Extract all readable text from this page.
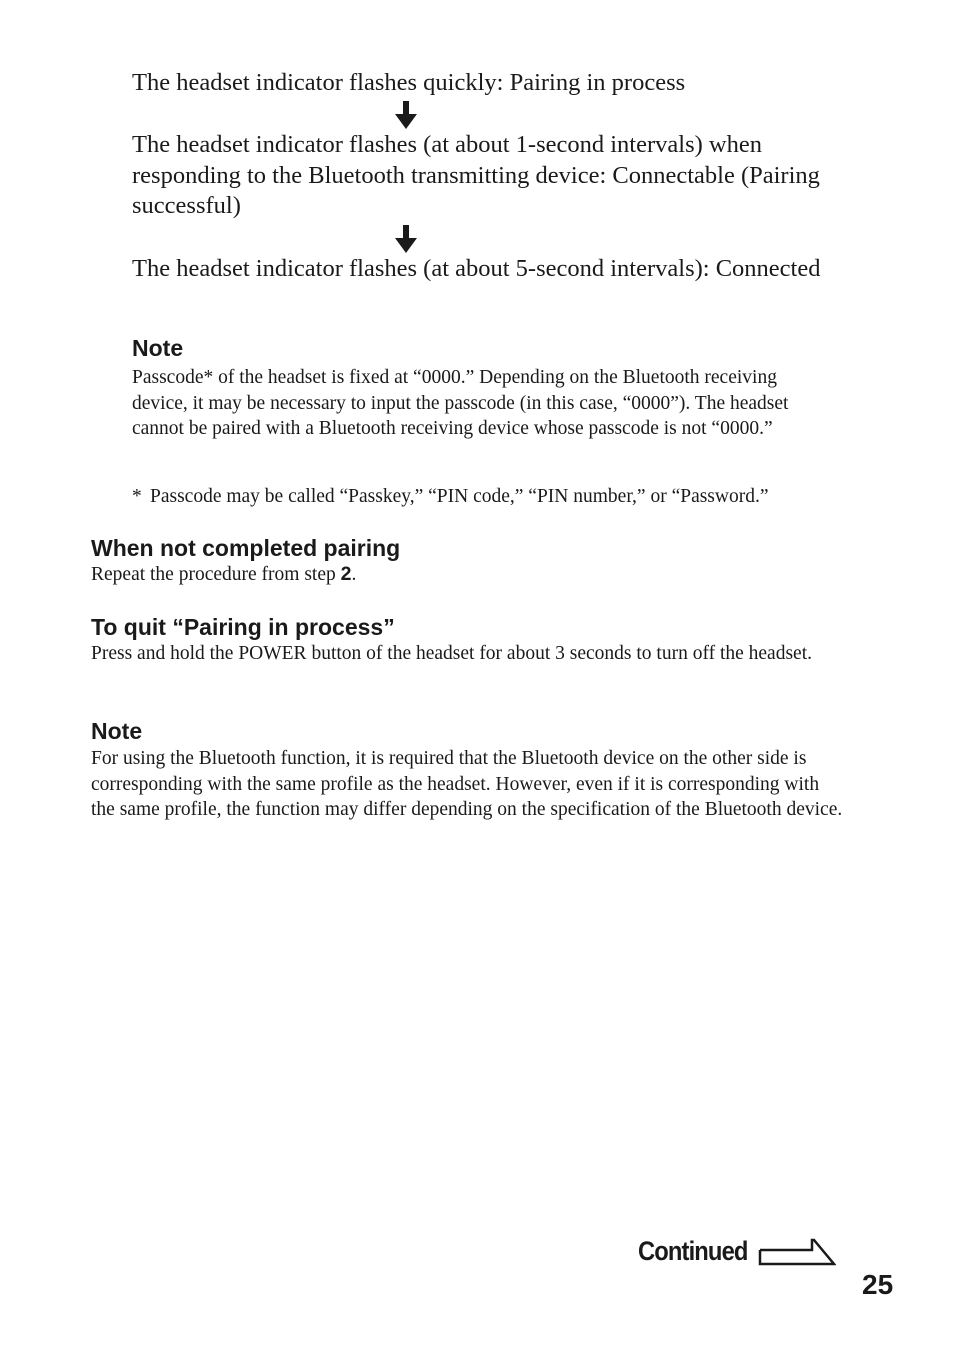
The headset indicator flashes quickly: Pairing in process

The headset indicator flashes (at about 1-second intervals) when responding to the Bluetooth transmitting device: Connectable (Pairing successful)

The headset indicator flashes (at about 5-second intervals): Connected

Note

Passcode* of the headset is fixed at “0000.” Depending on the Bluetooth receiving device, it may be necessary to input the passcode (in this case, “0000”). The headset cannot be paired with a Bluetooth receiving device whose passcode is not “0000.”

* Passcode may be called “Passkey,” “PIN code,” “PIN number,” or “Password.”

When not completed pairing

Repeat the procedure from step 2.

To quit “Pairing in process”

Press and hold the POWER button of the headset for about 3 seconds to turn off the headset.

Note

For using the Bluetooth function, it is required that the Bluetooth device on the other side is corresponding with the same profile as the headset. However, even if it is corresponding with the same profile, the function may differ depending on the specification of the Bluetooth device.

Continued
25
